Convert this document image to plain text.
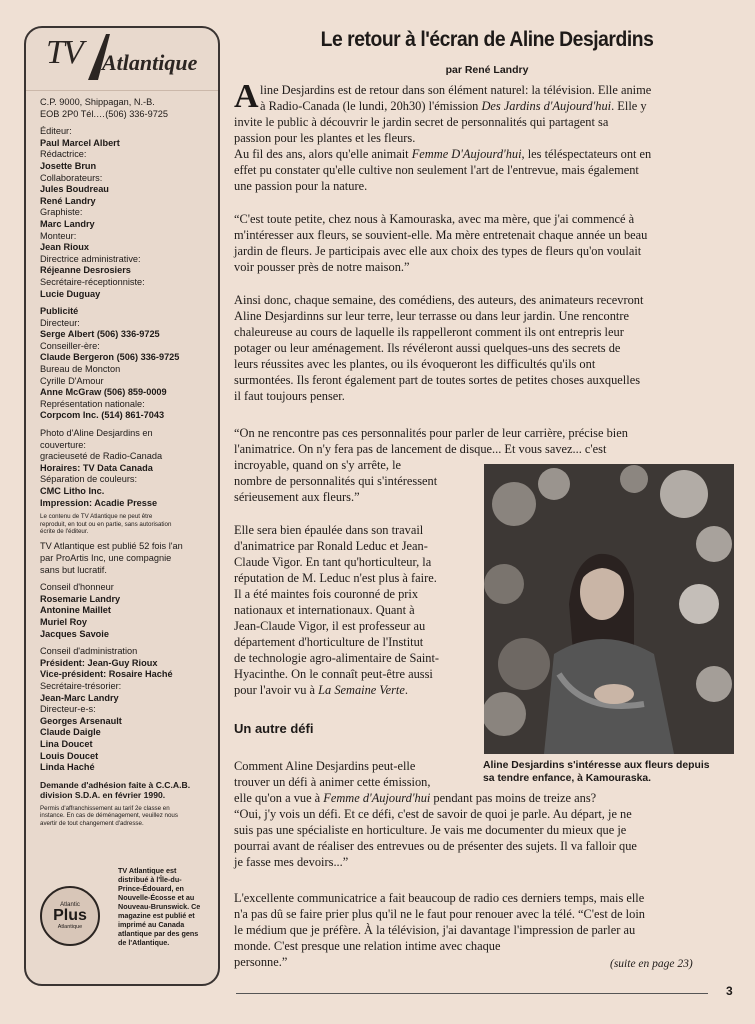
TV Atlantique
C.P. 9000, Shippagan, N.-B.
EOB 2P0 Tél.…(506) 336-9725
Éditeur:
Paul Marcel Albert
Rédactrice:
Josette Brun
Collaborateurs:
Jules Boudreau
René Landry
Graphiste:
Marc Landry
Monteur:
Jean Rioux
Directrice administrative:
Réjeanne Desrosiers
Secrétaire-réceptionniste:
Lucie Duguay
Publicité
Directeur:
Serge Albert (506) 336-9725
Conseiller-ère:
Claude Bergeron (506) 336-9725
Bureau de Moncton
Cyrille D'Amour
Anne McGraw (506) 859-0009
Représentation nationale:
Corpcom Inc. (514) 861-7043
Photo d'Aline Desjardins en
couverture:
gracieuseté de Radio-Canada
Horaires: TV Data Canada
Séparation de couleurs:
CMC Litho Inc.
Impression: Acadie Presse
Le contenu de TV Atlantique ne peut être
reproduit, en tout ou en partie, sans autorisation
écrite de l'éditeur.
TV Atlantique est publié 52 fois l'an
par ProArtis Inc, une compagnie
sans but lucratif.
Conseil d'honneur
Rosemarie Landry
Antonine Maillet
Muriel Roy
Jacques Savoie
Conseil d'administration
Président: Jean-Guy Rioux
Vice-président: Rosaire Haché
Secrétaire-trésorier:
Jean-Marc Landry
Directeur-e-s:
Georges Arsenault
Claude Daigle
Lina Doucet
Louis Doucet
Linda Haché
Demande d'adhésion faite à C.C.A.B.
division S.D.A. en février 1990.
Permis d'affranchissement au tarif 2e classe en
instance. En cas de déménagement, veuillez nous
avertir de tout changement d'adresse.
Atlantic
Plus
Atlantique
TV Atlantique est
distribué à l'Île-du-
Prince-Édouard, en
Nouvelle-Écosse et au
Nouveau-Brunswick. Ce
magazine est publié et
imprimé au Canada
atlantique par des gens
de l'Atlantique.
Le retour à l'écran de Aline Desjardins
par René Landry
A line Desjardins est de retour dans son élément naturel: la télévision. Elle anime
à Radio-Canada (le lundi, 20h30) l'émission Des Jardins d'Aujourd'hui. Elle y
invite le public à découvrir le jardin secret de personnalités qui partagent sa
passion pour les plantes et les fleurs.
Au fil des ans, alors qu'elle animait Femme D'Aujourd'hui, les téléspectateurs ont en
effet pu constater qu'elle cultive non seulement l'art de l'entrevue, mais également
une passion pour la nature.

“C'est toute petite, chez nous à Kamouraska, avec ma mère, que j'ai commencé à
m'intéresser aux fleurs, se souvient-elle. Ma mère entretenait chaque année un beau
jardin de fleurs. Je participais avec elle aux choix des types de fleurs qu'on voulait
voir pousser près de notre maison.”

Ainsi donc, chaque semaine, des comédiens, des auteurs, des animateurs recevront
Aline Desjardinns sur leur terre, leur terrasse ou dans leur jardin. Une rencontre
chaleureuse au cours de laquelle ils rappelleront comment ils ont entrepris leur
potager ou leur aménagement. Ils révéleront aussi quelques-uns des secrets de
leurs réussites avec les plantes, ou ils évoqueront les difficultés qu'ils ont
surmontées. Ils feront également part de toutes sortes de petites choses auxquelles
il faut toujours penser.

“On ne rencontre pas ces personnalités pour parler de leur carrière, précise bien
l'animatrice. On n'y fera pas de lancement de disque... Et vous savez... c'est
incroyable, quand on s'y arrête, le
nombre de personnalités qui s'intéressent
sérieusement aux fleurs.”

Elle sera bien épaulée dans son travail
d'animatrice par Ronald Leduc et Jean-
Claude Vigor. En tant qu'horticulteur, la
réputation de M. Leduc n'est plus à faire.
Il a été maintes fois couronné de prix
nationaux et internationaux. Quant à
Jean-Claude Vigor, il est professeur au
département d'horticulture de l'Institut
de technologie agro-alimentaire de Saint-
Hyacinthe. On le connaît peut-être aussi
pour l'avoir vu à La Semaine Verte.

Un autre défi

Comment Aline Desjardins peut-elle
trouver un défi à animer cette émission,
elle qu'on a vue à Femme d'Aujourd'hui pendant pas moins de treize ans?
“Oui, j'y vois un défi. Et ce défi, c'est de savoir de quoi je parle. Au départ, je ne
suis pas une spécialiste en horticulture. Je vais me documenter du mieux que je
pourrai avant de réaliser des entrevues ou de présenter des sujets. Il va falloir que
je fasse mes devoirs...”

L'excellente communicatrice a fait beaucoup de radio ces derniers temps, mais elle
n'a pas dû se faire prier plus qu'il ne le faut pour renouer avec la télé. “C'est de loin
le médium que je préfère. À la télévision, j'ai davantage l'impression de parler au
monde. C'est presque une relation intime avec chaque
personne.”

Aline Desjardins s'intéresse aux fleurs depuis
sa tendre enfance, à Kamouraska.
(suite en page 23)
3
